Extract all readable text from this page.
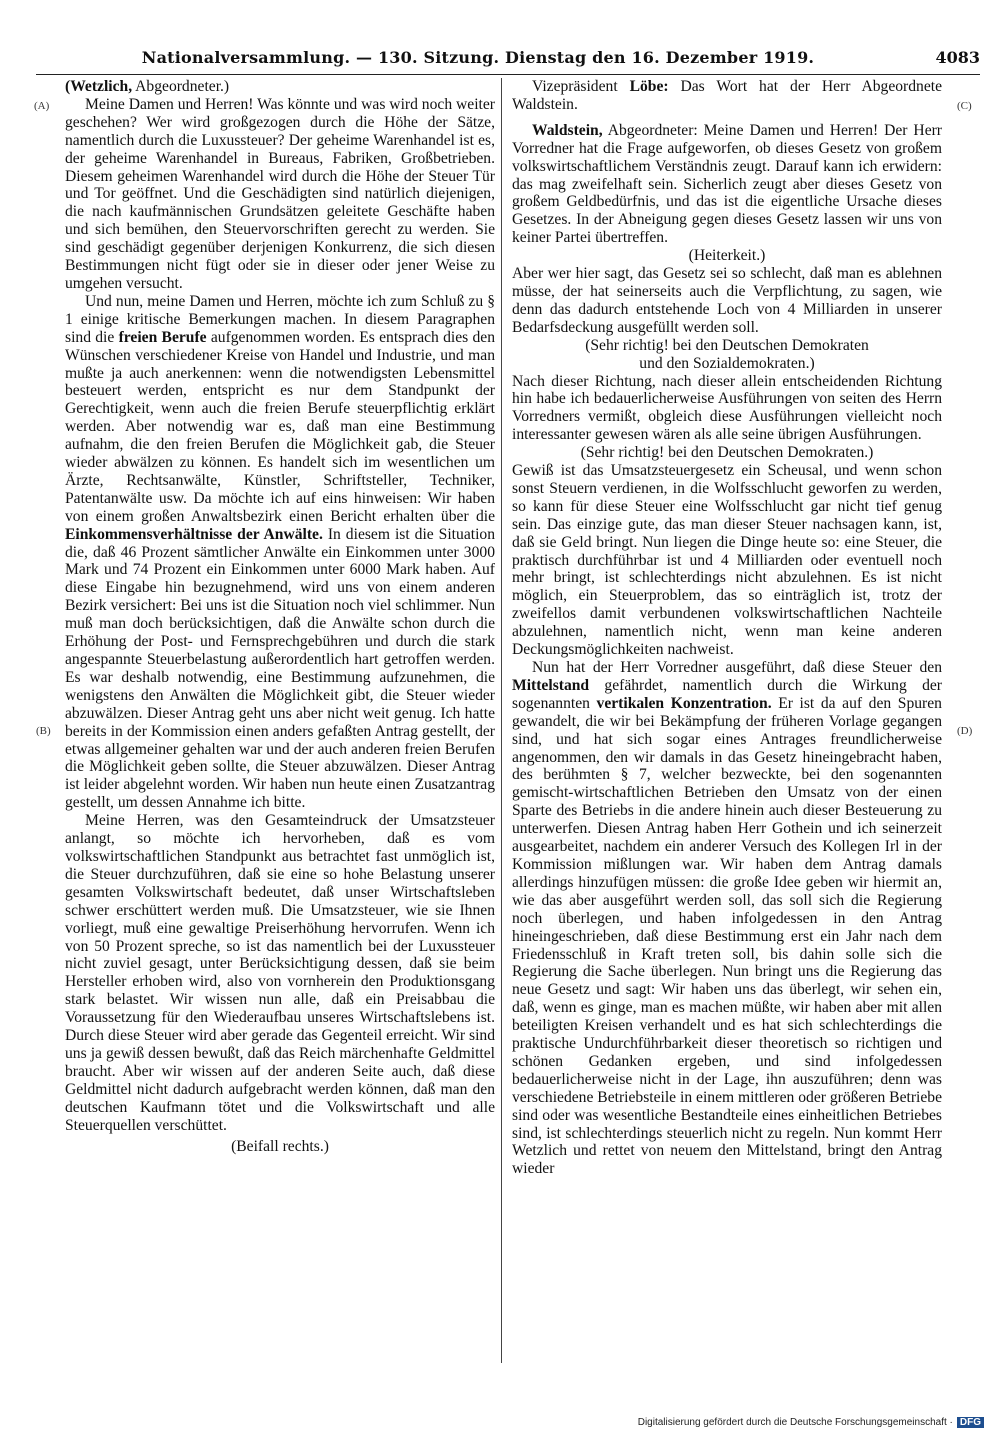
Nationalversammlung. — 130. Sitzung. Dienstag den 16. Dezember 1919.	4083
(A)
(B)
(C)
(D)

(Wetzlich, Abgeordneter.)

Meine Damen und Herren! Was könnte und was wird noch weiter geschehen? Wer wird großgezogen durch die Höhe der Sätze, namentlich durch die Luxussteuer? Der geheime Warenhandel ist es, der geheime Warenhandel in Bureaus, Fabriken, Großbetrieben. Diesem geheimen Warenhandel wird durch die Höhe der Steuer Tür und Tor geöffnet. Und die Geschädigten sind natürlich diejenigen, die nach kaufmännischen Grundsätzen geleitete Geschäfte haben und sich bemühen, den Steuervorschriften gerecht zu werden. Sie sind geschädigt gegenüber derjenigen Konkurrenz, die sich diesen Bestimmungen nicht fügt oder sie in dieser oder jener Weise zu umgehen versucht.

Und nun, meine Damen und Herren, möchte ich zum Schluß zu § 1 einige kritische Bemerkungen machen. In diesem Paragraphen sind die freien Berufe aufgenommen worden. Es entsprach dies den Wünschen verschiedener Kreise von Handel und Industrie, und man mußte ja auch anerkennen: wenn die notwendigsten Lebensmittel besteuert werden, entspricht es nur dem Standpunkt der Gerechtigkeit, wenn auch die freien Berufe steuerpflichtig erklärt werden. Aber notwendig war es, daß man eine Bestimmung aufnahm, die den freien Berufen die Möglichkeit gab, die Steuer wieder abwälzen zu können. Es handelt sich im wesentlichen um Ärzte, Rechtsanwälte, Künstler, Schriftsteller, Techniker, Patentanwälte usw. Da möchte ich auf eins hinweisen: Wir haben von einem großen Anwaltsbezirk einen Bericht erhalten über die Einkommensverhältnisse der Anwälte. In diesem ist die Situation die, daß 46 Prozent sämtlicher Anwälte ein Einkommen unter 3000 Mark und 74 Prozent ein Einkommen unter 6000 Mark haben. Auf diese Eingabe hin bezugnehmend, wird uns von einem anderen Bezirk versichert: Bei uns ist die Situation noch viel schlimmer. Nun muß man doch berücksichtigen, daß die Anwälte schon durch die Erhöhung der Post- und Fernsprechgebühren und durch die stark angespannte Steuerbelastung außerordentlich hart getroffen werden. Es war deshalb notwendig, eine Bestimmung aufzunehmen, die wenigstens den Anwälten die Möglichkeit gibt, die Steuer wieder abzuwälzen. Dieser Antrag geht uns aber nicht weit genug. Ich hatte bereits in der Kommission einen anders gefaßten Antrag gestellt, der etwas allgemeiner gehalten war und der auch anderen freien Berufen die Möglichkeit geben sollte, die Steuer abzuwälzen. Dieser Antrag ist leider abgelehnt worden. Wir haben nun heute einen Zusatzantrag gestellt, um dessen Annahme ich bitte.

Meine Herren, was den Gesamteindruck der Umsatzsteuer anlangt, so möchte ich hervorheben, daß es vom volkswirtschaftlichen Standpunkt aus betrachtet fast unmöglich ist, die Steuer durchzuführen, daß sie eine so hohe Belastung unserer gesamten Volkswirtschaft bedeutet, daß unser Wirtschaftsleben schwer erschüttert werden muß. Die Umsatzsteuer, wie sie Ihnen vorliegt, muß eine gewaltige Preiserhöhung hervorrufen. Wenn ich von 50 Prozent spreche, so ist das namentlich bei der Luxussteuer nicht zuviel gesagt, unter Berücksichtigung dessen, daß sie beim Hersteller erhoben wird, also von vornherein den Produktionsgang stark belastet. Wir wissen nun alle, daß ein Preisabbau die Voraussetzung für den Wiederaufbau unseres Wirtschaftslebens ist. Durch diese Steuer wird aber gerade das Gegenteil erreicht. Wir sind uns ja gewiß dessen bewußt, daß das Reich märchenhafte Geldmittel braucht. Aber wir wissen auf der anderen Seite auch, daß diese Geldmittel nicht dadurch aufgebracht werden können, daß man den deutschen Kaufmann tötet und die Volkswirtschaft und alle Steuerquellen verschüttet.

(Beifall rechts.)

Vizepräsident Löbe: Das Wort hat der Herr Abgeordnete Waldstein.

Waldstein, Abgeordneter: Meine Damen und Herren! Der Herr Vorredner hat die Frage aufgeworfen, ob dieses Gesetz von großem volkswirtschaftlichem Verständnis zeugt. Darauf kann ich erwidern: das mag zweifelhaft sein. Sicherlich zeugt aber dieses Gesetz von großem Geldbedürfnis, und das ist die eigentliche Ursache dieses Gesetzes. In der Abneigung gegen dieses Gesetz lassen wir uns von keiner Partei übertreffen.

(Heiterkeit.)

Aber wer hier sagt, das Gesetz sei so schlecht, daß man es ablehnen müsse, der hat seinerseits auch die Verpflichtung, zu sagen, wie denn das dadurch entstehende Loch von 4 Milliarden in unserer Bedarfsdeckung ausgefüllt werden soll.

(Sehr richtig! bei den Deutschen Demokraten

und den Sozialdemokraten.)

Nach dieser Richtung, nach dieser allein entscheidenden Richtung hin habe ich bedauerlicherweise Ausführungen von seiten des Herrn Vorredners vermißt, obgleich diese Ausführungen vielleicht noch interessanter gewesen wären als alle seine übrigen Ausführungen.

(Sehr richtig! bei den Deutschen Demokraten.)

Gewiß ist das Umsatzsteuergesetz ein Scheusal, und wenn schon sonst Steuern verdienen, in die Wolfsschlucht geworfen zu werden, so kann für diese Steuer eine Wolfsschlucht gar nicht tief genug sein. Das einzige gute, das man dieser Steuer nachsagen kann, ist, daß sie Geld bringt. Nun liegen die Dinge heute so: eine Steuer, die praktisch durchführbar ist und 4 Milliarden oder eventuell noch mehr bringt, ist schlechterdings nicht abzulehnen. Es ist nicht möglich, ein Steuerproblem, das so einträglich ist, trotz der zweifellos damit verbundenen volkswirtschaftlichen Nachteile abzulehnen, namentlich nicht, wenn man keine anderen Deckungsmöglichkeiten nachweist.

Nun hat der Herr Vorredner ausgeführt, daß diese Steuer den Mittelstand gefährdet, namentlich durch die Wirkung der sogenannten vertikalen Konzentration. Er ist da auf den Spuren gewandelt, die wir bei Bekämpfung der früheren Vorlage gegangen sind, und hat sich sogar eines Antrages freundlicherweise angenommen, den wir damals in das Gesetz hineingebracht haben, des berühmten § 7, welcher bezweckte, bei den sogenannten gemischt-wirtschaftlichen Betrieben den Umsatz von der einen Sparte des Betriebs in die andere hinein auch dieser Besteuerung zu unterwerfen. Diesen Antrag haben Herr Gothein und ich seinerzeit ausgearbeitet, nachdem ein anderer Versuch des Kollegen Irl in der Kommission mißlungen war. Wir haben dem Antrag damals allerdings hinzufügen müssen: die große Idee geben wir hiermit an, wie das aber ausgeführt werden soll, das soll sich die Regierung noch überlegen, und haben infolgedessen in den Antrag hineingeschrieben, daß diese Bestimmung erst ein Jahr nach dem Friedensschluß in Kraft treten soll, bis dahin solle sich die Regierung die Sache überlegen. Nun bringt uns die Regierung das neue Gesetz und sagt: Wir haben uns das überlegt, wir sehen ein, daß, wenn es ginge, man es machen müßte, wir haben aber mit allen beteiligten Kreisen verhandelt und es hat sich schlechterdings die praktische Undurchführbarkeit dieser theoretisch so richtigen und schönen Gedanken ergeben, und sind infolgedessen bedauerlicherweise nicht in der Lage, ihn auszuführen; denn was verschiedene Betriebsteile in einem mittleren oder größeren Betriebe sind oder was wesentliche Bestandteile eines einheitlichen Betriebes sind, ist schlechterdings steuerlich nicht zu regeln. Nun kommt Herr Wetzlich und rettet von neuem den Mittelstand, bringt den Antrag wieder

Digitalisierung gefördert durch die Deutsche Forschungsgemeinschaft · DFG
